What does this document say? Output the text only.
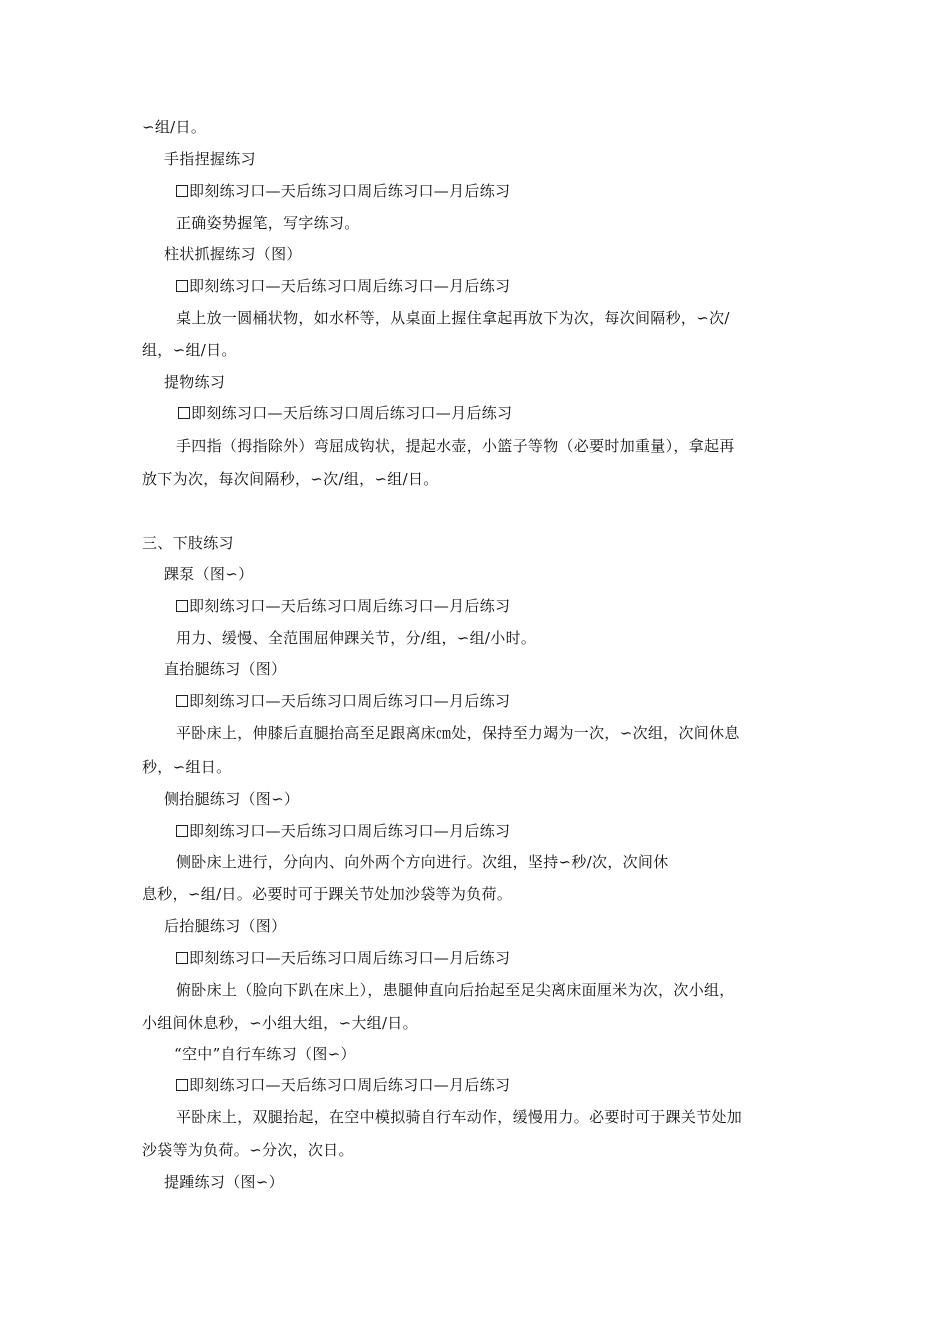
∽组/日。
手指捏握练习
即刻练习口—天后练习口周后练习口—月后练习
正确姿势握笔，写字练习。
柱状抓握练习（图）
即刻练习口—天后练习口周后练习口—月后练习
桌上放一圆桶状物，如水杯等，从桌面上握住拿起再放下为次，每次间隔秒，∽次/
组，∽组/日。
提物练习
即刻练习口—天后练习口周后练习口—月后练习
手四指（拇指除外）弯屈成钩状，提起水壶，小篮子等物（必要时加重量），拿起再
放下为次，每次间隔秒，∽次/组，∽组/日。
三、下肢练习
踝泵（图∽）
即刻练习口—天后练习口周后练习口—月后练习
用力、缓慢、全范围屈伸踝关节，分/组，∽组/小时。
直抬腿练习（图）
即刻练习口—天后练习口周后练习口—月后练习
平卧床上，伸膝后直腿抬高至足跟离床㎝处，保持至力竭为一次，∽次组，次间休息
秒，∽组日。
侧抬腿练习（图∽）
即刻练习口—天后练习口周后练习口—月后练习
侧卧床上进行，分向内、向外两个方向进行。次组，坚持∽秒/次，次间休
息秒，∽组/日。必要时可于踝关节处加沙袋等为负荷。
后抬腿练习（图）
即刻练习口—天后练习口周后练习口—月后练习
俯卧床上（脸向下趴在床上），患腿伸直向后抬起至足尖离床面厘米为次，次小组，
小组间休息秒，∽小组大组，∽大组/日。
“空中”自行车练习（图∽）
即刻练习口—天后练习口周后练习口—月后练习
平卧床上，双腿抬起，在空中模拟骑自行车动作，缓慢用力。必要时可于踝关节处加
沙袋等为负荷。∽分次，次日。
提踵练习（图∽）
